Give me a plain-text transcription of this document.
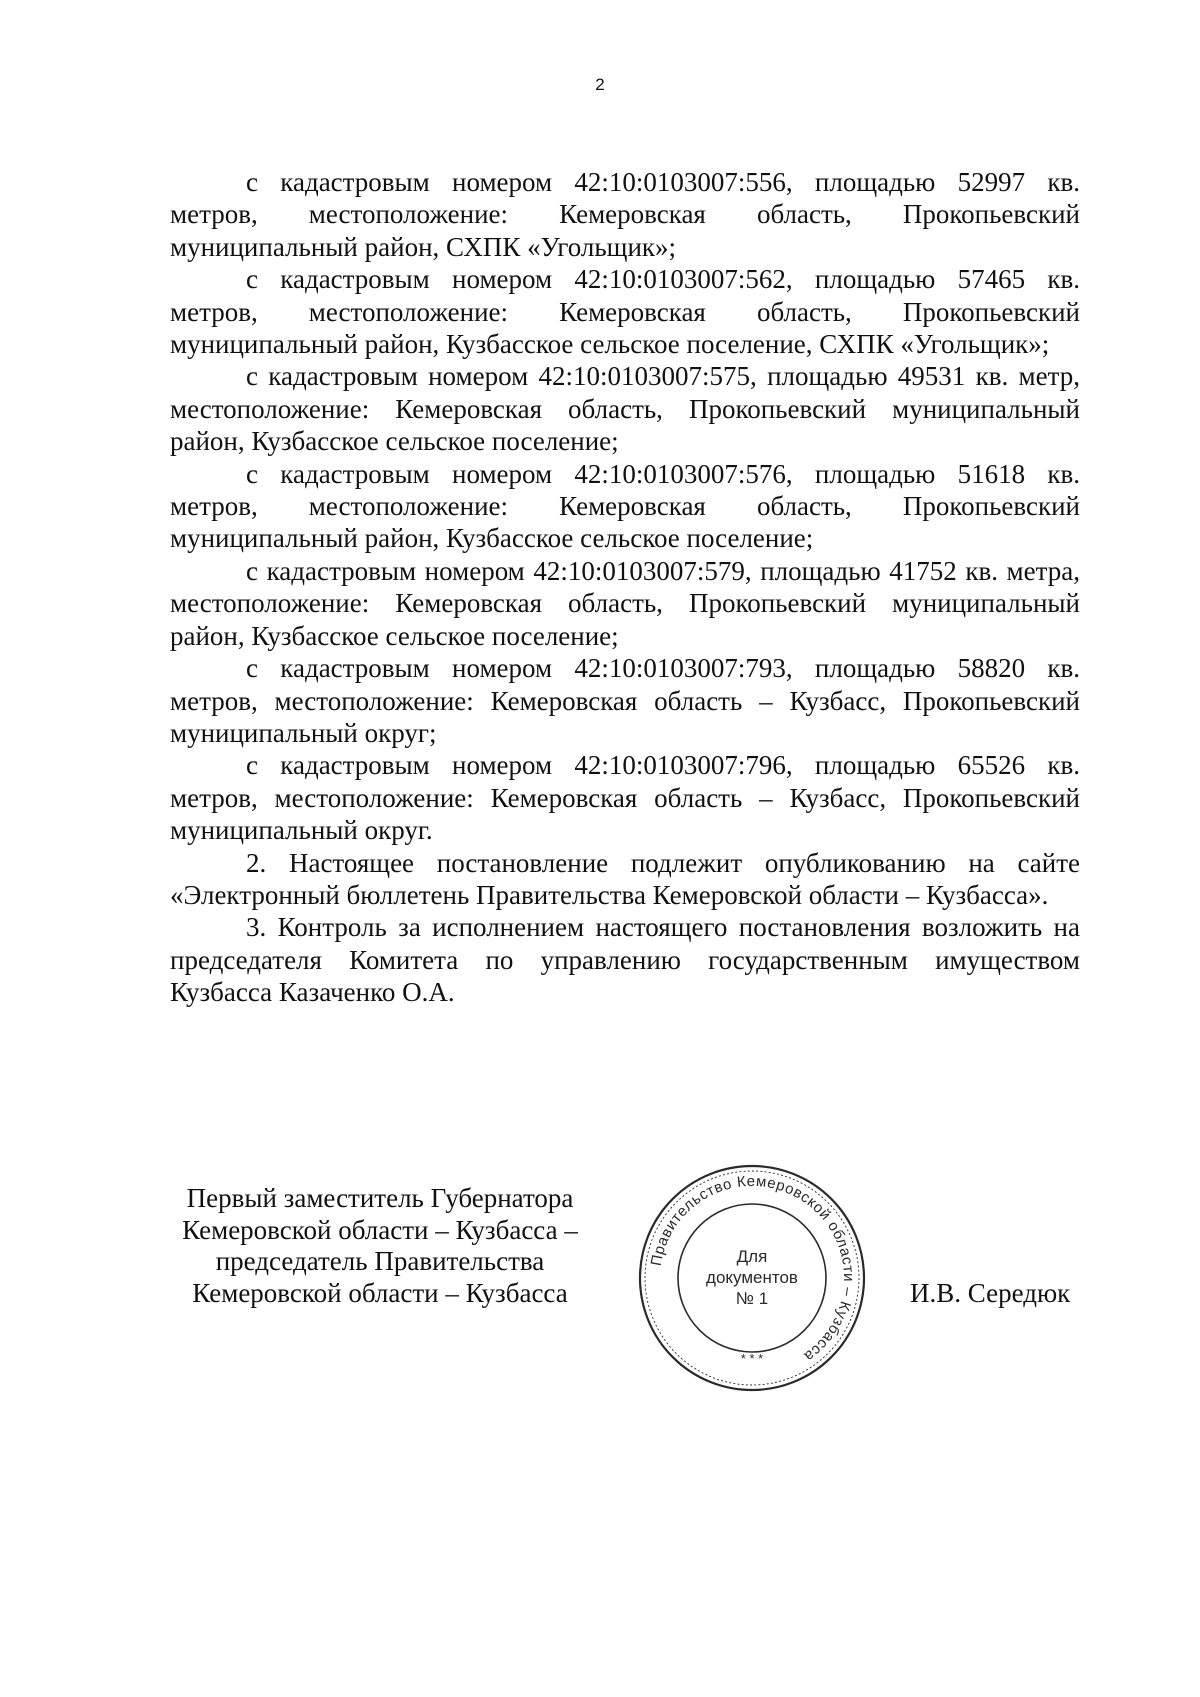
2

с кадастровым номером 42:10:0103007:556, площадью 52997 кв. метров, местоположение: Кемеровская область, Прокопьевский муниципальный район, СХПК «Угольщик»;

с кадастровым номером 42:10:0103007:562, площадью 57465 кв. метров, местоположение: Кемеровская область, Прокопьевский муниципальный район, Кузбасское сельское поселение, СХПК «Угольщик»;

с кадастровым номером 42:10:0103007:575, площадью 49531 кв. метр, местоположение: Кемеровская область, Прокопьевский муниципальный район, Кузбасское сельское поселение;

с кадастровым номером 42:10:0103007:576, площадью 51618 кв. метров, местоположение: Кемеровская область, Прокопьевский муниципальный район, Кузбасское сельское поселение;

с кадастровым номером 42:10:0103007:579, площадью 41752 кв. метра, местоположение: Кемеровская область, Прокопьевский муниципальный район, Кузбасское сельское поселение;

с кадастровым номером 42:10:0103007:793, площадью 58820 кв. метров, местоположение: Кемеровская область – Кузбасс, Прокопьевский муниципальный округ;

с кадастровым номером 42:10:0103007:796, площадью 65526 кв. метров, местоположение: Кемеровская область – Кузбасс, Прокопьевский муниципальный округ.

2. Настоящее постановление подлежит опубликованию на сайте «Электронный бюллетень Правительства Кемеровской области – Кузбасса».

3. Контроль за исполнением настоящего постановления возложить на председателя Комитета по управлению государственным имуществом Кузбасса Казаченко О.А.

Первый заместитель Губернатора
Кемеровской области – Кузбасса –
председатель Правительства
Кемеровской области – Кузбасса	И.В. Середюк
Правительство Кемеровской области – Кузбасса
Для
документов
№ 1
* * *
